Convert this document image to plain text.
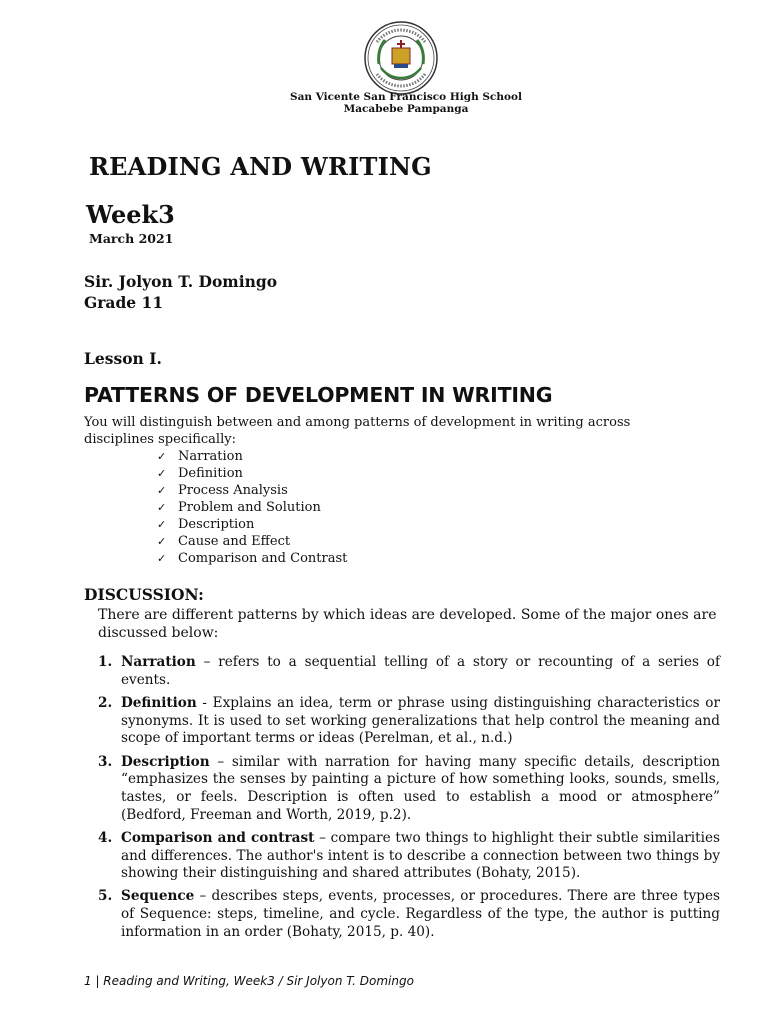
San Vicente San Francisco High School
Macabebe Pampanga
READING AND WRITING
Week3
March 2021
Sir. Jolyon T. Domingo
Grade 11
Lesson I.
PATTERNS OF DEVELOPMENT IN WRITING
You will distinguish between and among patterns of development in writing across disciplines specifically:
✓ Narration
✓ Definition
✓ Process Analysis
✓ Problem and Solution
✓ Description
✓ Cause and Effect
✓ Comparison and Contrast
DISCUSSION:
There are different patterns by which ideas are developed. Some of the major ones are discussed below:
1. Narration – refers to a sequential telling of a story or recounting of a series of events.
2. Definition - Explains an idea, term or phrase using distinguishing characteristics or synonyms. It is used to set working generalizations that help control the meaning and scope of important terms or ideas (Perelman, et al., n.d.)
3. Description – similar with narration for having many specific details, description “emphasizes the senses by painting a picture of how something looks, sounds, smells, tastes, or feels. Description is often used to establish a mood or atmosphere” (Bedford, Freeman and Worth, 2019, p.2).
4. Comparison and contrast – compare two things to highlight their subtle similarities and differences. The author's intent is to describe a connection between two things by showing their distinguishing and shared attributes (Bohaty, 2015).
5. Sequence – describes steps, events, processes, or procedures. There are three types of Sequence: steps, timeline, and cycle. Regardless of the type, the author is putting information in an order (Bohaty, 2015, p. 40).
1 | Reading and Writing, Week3 / Sir Jolyon T. Domingo
